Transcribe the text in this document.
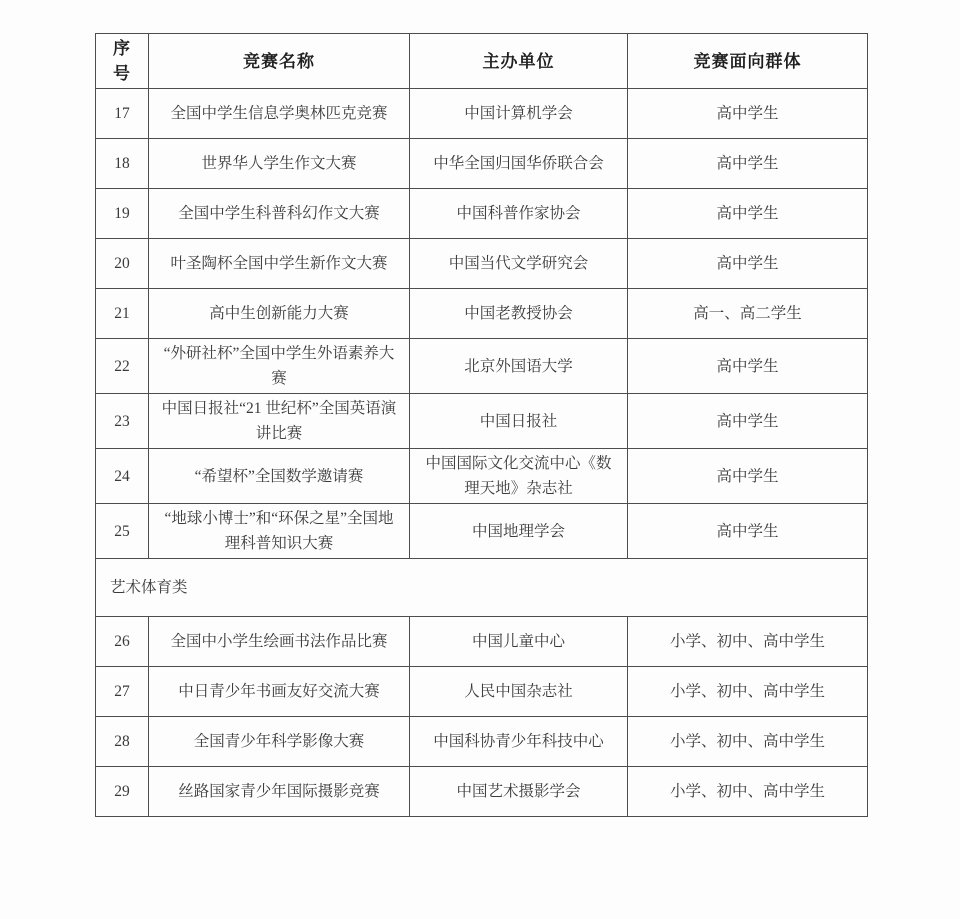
序号	竞赛名称	主办单位	竞赛面向群体
17	全国中学生信息学奥林匹克竞赛	中国计算机学会	高中学生
18	世界华人学生作文大赛	中华全国归国华侨联合会	高中学生
19	全国中学生科普科幻作文大赛	中国科普作家协会	高中学生
20	叶圣陶杯全国中学生新作文大赛	中国当代文学研究会	高中学生
21	高中生创新能力大赛	中国老教授协会	高一、高二学生
22	“外研社杯”全国中学生外语素养大赛	北京外国语大学	高中学生
23	中国日报社“21 世纪杯”全国英语演讲比赛	中国日报社	高中学生
24	“希望杯”全国数学邀请赛	中国国际文化交流中心《数理天地》杂志社	高中学生
25	“地球小博士”和“环保之星”全国地理科普知识大赛	中国地理学会	高中学生
艺术体育类			
26	全国中小学生绘画书法作品比赛	中国儿童中心	小学、初中、高中学生
27	中日青少年书画友好交流大赛	人民中国杂志社	小学、初中、高中学生
28	全国青少年科学影像大赛	中国科协青少年科技中心	小学、初中、高中学生
29	丝路国家青少年国际摄影竞赛	中国艺术摄影学会	小学、初中、高中学生
